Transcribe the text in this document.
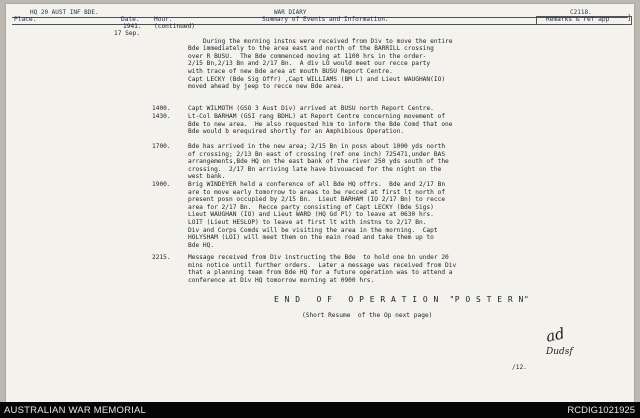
HQ 20 AUST INF BDE.	WAR DIARY	C2118.
Place.	Date. Hour.	Summary of Events and Information.	Remarks & ref app
1941. (continued)
17 Sep.

During the morning instns were received from Div to move the entire
Bde immediately to the area east and north of the BARRILL crossing
over R BUSU.  The Bde commenced moving at 1100 hrs in the order-
2/15 Bn,2/13 Bn and 2/17 Bn.  A div LO would meet our recce party
with trace of new Bde area at mouth BUSU Report Centre.
Capt LECKY (Bde Sig Offr) ,Capt WILLIAMS (BM L) and Lieut WAUGHAN(IO)
moved ahead by jeep to recce new Bde area.

1400.	Capt WILMOTH (GSO 3 Aust Div) arrived at BUSU north Report Centre.
1430.	Lt-Col BARHAM (GSI rang BDHL) at Report Centre concerning movement of
Bde to new area.  He also requested him to inform the Bde Comd that one
Bde would b erequired shortly for an Amphibious Operation.
1700.	Bde has arrived in the new area; 2/15 Bn in posn about 1000 yds north
of crossing; 2/13 Bn east of crossing (ref one inch) 725471,under BAS
arrangements,Bde HQ on the east bank of the river 250 yds south of the
crossing.  2/17 Bn arriving late have bivouaced for the night on the
west bank.
1900.	Brig WINDEYER held a conference of all Bde HQ offrs.  Bde and 2/17 Bn
are to move early tomorrow to areas to be recced at first lt north of
present posn occupied by 2/15 Bn.  Lieut BARHAM (IO 2/17 Bn) to recce
area for 2/17 Bn.  Recce party consisting of Capt LECKY (Bde Sigs)
Lieut WAUGHAN (IO) and Lieut WARD (HQ Gd Pl) to leave at 0630 hrs.
LOIT (Lieut HESLOP) to leave at first lt with instns to 2/17 Bn.
Div and Corps Comds will be visiting the area in the morning.  Capt
HOLYSHAM (LOI) will meet them on the main road and take them up to
Bde HQ.
2215.	Message received from Div instructing the Bde  to hold one bn under 20
mins notice until further orders.  Later a message was received from Div
that a planning team from Bde HQ for a future operation was to attend a
conference at Div HQ tomorrow morning at 0900 hrs.
E N D   O F   O P E R A T I O N  "P O S T E R N"
(Short Resume  of the Op next page)
ad
Dudsf
/12.
]
AUSTRALIAN WAR MEMORIAL	RCDIG1021925
